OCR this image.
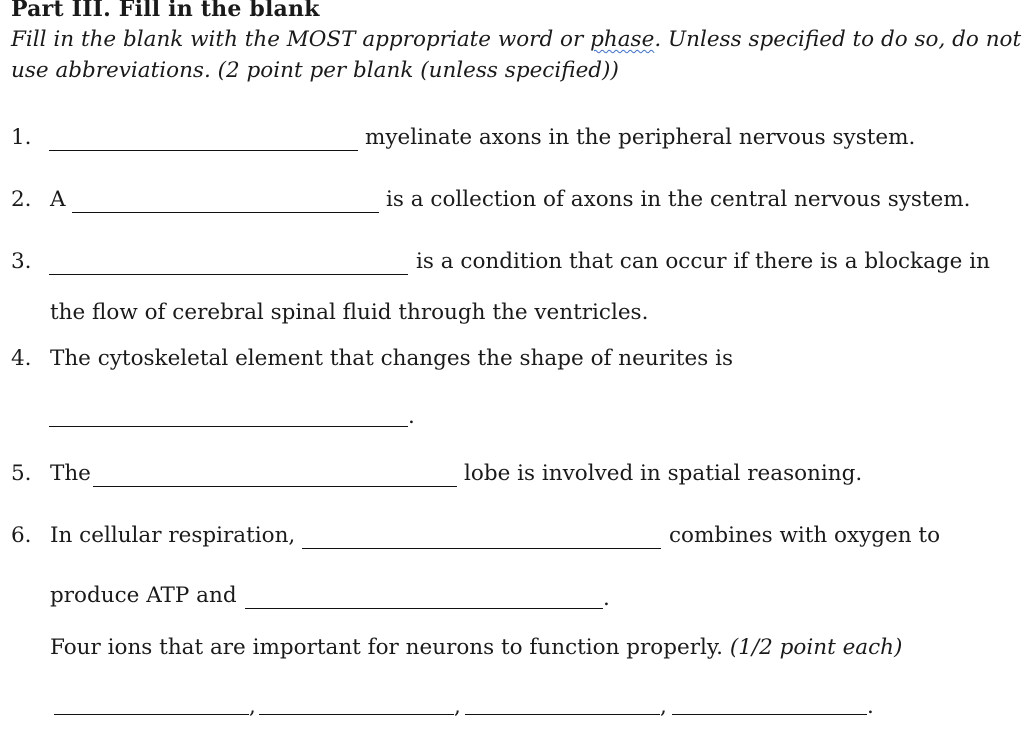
Part III. Fill in the blank
Fill in the blank with the MOST appropriate word or phase. Unless specified to do so, do not
use abbreviations. (2 point per blank (unless specified))
1.	myelinate axons in the peripheral nervous system.
2. A	is a collection of axons in the central nervous system.
3.	is a condition that can occur if there is a blockage in
the flow of cerebral spinal fluid through the ventricles.
4. The cytoskeletal element that changes the shape of neurites is
.
5. The	lobe is involved in spatial reasoning.
6. In cellular respiration,	combines with oxygen to
produce ATP and	.
Four ions that are important for neurons to function properly. (1/2 point each)
,	,	,	.
